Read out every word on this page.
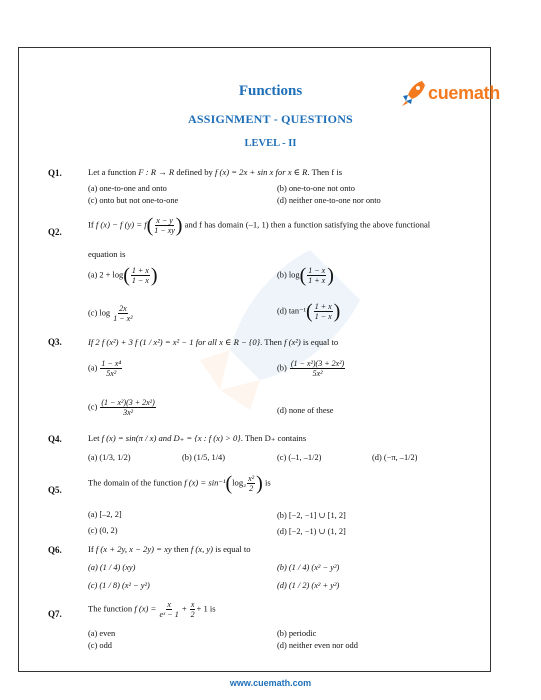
Functions	cuemath
ASSIGNMENT - QUESTIONS
LEVEL - II
Q1.	Let a function F : R → R defined by f (x) = 2x + sin x for x ∈ R. Then f is
(a) one-to-one and onto	(b) one-to-one not onto
(c) onto but not one-to-one	(d) neither one-to-one nor onto
Q2.
If f (x) − f $(y) = f( \frac{x - y}{1 - xy}$ ) and f has domain (–1, 1) then a function satisfying the above functional
equation is
(a) $2 + \log( \frac{1 + x}{1 - x}$ )	(b) $\log( \frac{1 - x}{1 + x}$ )
(c) $\log \frac{2x}{\text{1 − x²}}$	(d) $\tan^{-1}( \frac{1 + x}{1 - x}$ )
Q3.	If 2 f (x²) + 3 f (1 / x²) = x² − 1 for all x ∈ R − {0}. Then f (x²) is equal to
$(a) \frac{\text{1 − x⁴}}{\text{5x²}}$	$(b) \frac{\text{(1 − x²)(3 + 2x²)}}{\text{5x²}}$
$(c) \frac{\text{(1 − x²)(3 + 2x²)}}{\text{3x²}}$	(d) none of these
Q4.	Let f (x) = sin(π / x) and D₊ = {x : f (x) > 0}. Then D₊ contains
(a) (1/3, 1/2)	(b) (1/5, 1/4)	(c) (–1, –1/2)	(d) (−π, –1/2)
Q5.
The domain of the function f $(x) = \sin^{-1}(\log_2 \frac{\text{x²}}{2}$ ) is
(a) [–2, 2]	(b) [−2, −1] ∪ [1, 2]
(c) (0, 2)	(d) [−2, −1) ∪ (1, 2]
Q6.	If f (x + 2y, x − 2y) = xy then f (x, y) is equal to
(a) (1 / 4) (xy)	(b) (1 / 4) (x² − y²)
(c) (1 / 8) (x² − y²)	(d) (1 / 2) (x² + y²)
Q7.
The function f $(x) = \frac{x}{\text{eˣ − 1}} + \frac{x}{2} + 1$ is
(a) even	(b) periodic
(c) odd	(d) neither even nor odd
www.cuemath.com
